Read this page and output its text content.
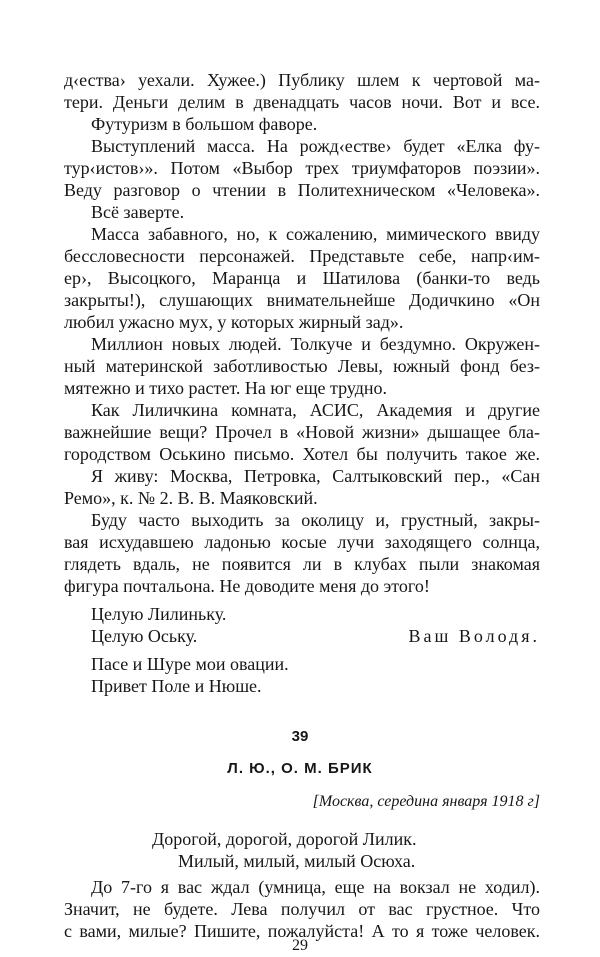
д‹ества› уехали. Хужее.) Публику шлем к чертовой ма-
тери. Деньги делим в двенадцать часов ночи. Вот и все.
Футуризм в большом фаворе.
Выступлений масса. На рожд‹естве› будет «Елка фу-
тур‹истов›». Потом «Выбор трех триумфаторов поэзии».
Веду разговор о чтении в Политехническом «Человека».
Всё заверте.
Масса забавного, но, к сожалению, мимического ввиду
бессловесности персонажей. Представьте себе, напр‹им-
ер›, Высоцкого, Маранца и Шатилова (банки-то ведь
закрыты!), слушающих внимательнейше Додичкино «Он
любил ужасно мух, у которых жирный зад».
Миллион новых людей. Толкуче и бездумно. Окружен-
ный материнской заботливостью Левы, южный фонд без-
мятежно и тихо растет. На юг еще трудно.
Как Лиличкина комната, АСИС, Академия и другие
важнейшие вещи? Прочел в «Новой жизни» дышащее бла-
городством Оськино письмо. Хотел бы получить такое же.
Я живу: Москва, Петровка, Салтыковский пер., «Сан
Ремо», к. № 2. В. В. Маяковский.
Буду часто выходить за околицу и, грустный, закры-
вая исхудавшею ладонью косые лучи заходящего солнца,
глядеть вдаль, не появится ли в клубах пыли знакомая
фигура почтальона. Не доводите меня до этого!
Целую Лилиньку.
Целую Оську.	Ваш Володя.
Пасе и Шуре мои овации.
Привет Поле и Нюше.
39
Л. Ю., О. М. БРИК
[Москва, середина января 1918 г]
Дорогой, дорогой, дорогой Лилик.
Милый, милый, милый Осюха.
До 7-го я вас ждал (умница, еще на вокзал не ходил).
Значит, не будете. Лева получил от вас грустное. Что
с вами, милые? Пишите, пожалуйста! А то я тоже человек.
29
